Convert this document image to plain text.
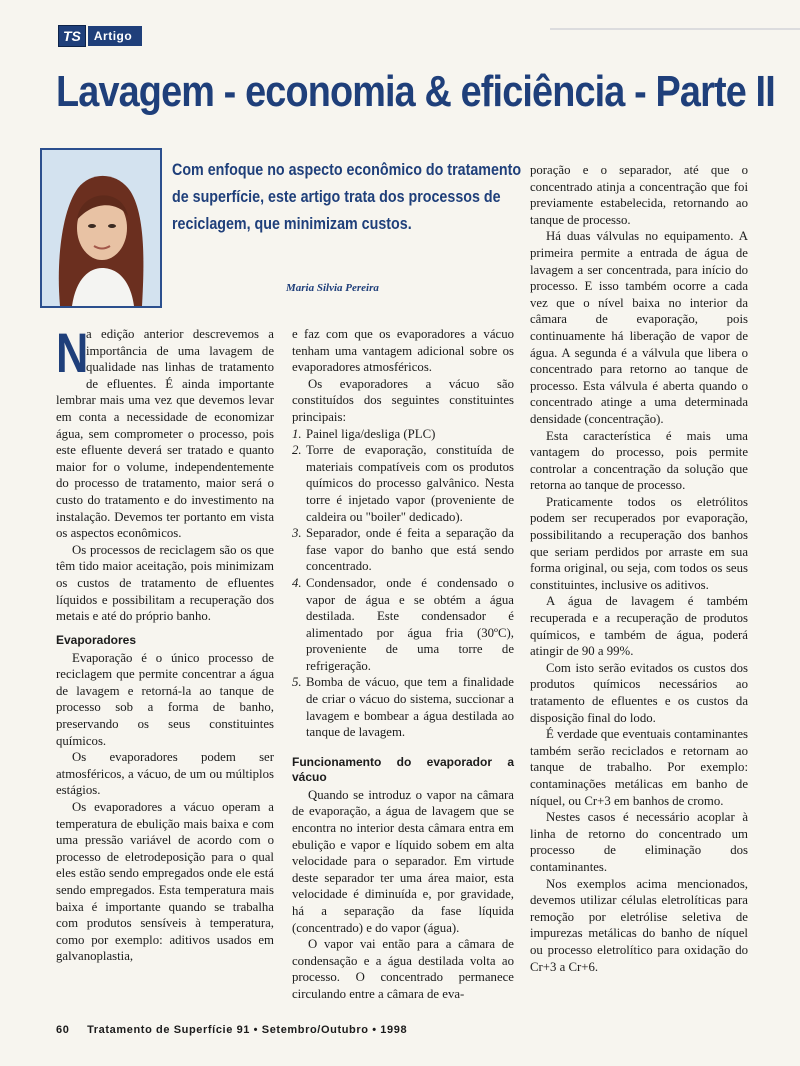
TS	Artigo
Lavagem - economia & eficiência - Parte II

Com enfoque no aspecto econômico do tratamento de superfície, este artigo trata dos processos de reciclagem, que minimizam custos.

Maria Silvia Pereira
N

a edição anterior descrevemos a importância de uma lavagem de qualidade nas linhas de tratamento de efluentes. É ainda importante lembrar mais uma vez que devemos levar em conta a necessidade de economizar água, sem comprometer o processo, pois este efluente deverá ser tratado e quanto maior for o volume, independentemente do processo de tratamento, maior será o custo do tratamento e do investimento na instalação. Devemos ter portanto em vista os aspectos econômicos.

Os processos de reciclagem são os que têm tido maior aceitação, pois minimizam os custos de tratamento de efluentes líquidos e possibilitam a recuperação dos metais e até do próprio banho.

Evaporadores

Evaporação é o único processo de reciclagem que permite concentrar a água de lavagem e retorná-la ao tanque de processo sob a forma de banho, preservando os seus constituintes químicos.

Os evaporadores podem ser atmosféricos, a vácuo, de um ou múltiplos estágios.

Os evaporadores a vácuo operam a temperatura de ebulição mais baixa e com uma pressão variável de acordo com o processo de eletrodeposição para o qual eles estão sendo empregados onde ele está sendo empregados. Esta temperatura mais baixa é importante quando se trabalha com produtos sensíveis à temperatura, como por exemplo: aditivos usados em galvanoplastia,

e faz com que os evaporadores a vácuo tenham uma vantagem adicional sobre os evaporadores atmosféricos.

Os evaporadores a vácuo são constituídos dos seguintes constituintes principais:

1. Painel liga/desliga (PLC)
2. Torre de evaporação, constituída de materiais compatíveis com os produtos químicos do processo galvânico. Nesta torre é injetado vapor (proveniente de caldeira ou "boiler" dedicado).
3. Separador, onde é feita a separação da fase vapor do banho que está sendo concentrado.
4. Condensador, onde é condensado o vapor de água e se obtém a água destilada. Este condensador é alimentado por água fria (30ºC), proveniente de uma torre de refrigeração.
5. Bomba de vácuo, que tem a finalidade de criar o vácuo do sistema, succionar a lavagem e bombear a água destilada ao tanque de lavagem.
Funcionamento do evaporador a vácuo

Quando se introduz o vapor na câmara de evaporação, a água de lavagem que se encontra no interior desta câmara entra em ebulição e vapor e líquido sobem em alta velocidade para o separador. Em virtude deste separador ter uma área maior, esta velocidade é diminuída e, por gravidade, há a separação da fase líquida (concentrado) e do vapor (água).

O vapor vai então para a câmara de condensação e a água destilada volta ao processo. O concentrado permanece circulando entre a câmara de eva-

poração e o separador, até que o concentrado atinja a concentração que foi previamente estabelecida, retornando ao tanque de processo.

Há duas válvulas no equipamento. A primeira permite a entrada de água de lavagem a ser concentrada, para início do processo. E isso também ocorre a cada vez que o nível baixa no interior da câmara de evaporação, pois continuamente há liberação de vapor de água. A segunda é a válvula que libera o concentrado para retorno ao tanque de processo. Esta válvula é aberta quando o concentrado atinge a uma determinada densidade (concentração).

Esta característica é mais uma vantagem do processo, pois permite controlar a concentração da solução que retorna ao tanque de processo.

Praticamente todos os eletrólitos podem ser recuperados por evaporação, possibilitando a recuperação dos banhos que seriam perdidos por arraste em sua forma original, ou seja, com todos os seus constituintes, inclusive os aditivos.

A água de lavagem é também recuperada e a recuperação de produtos químicos, e também de água, poderá atingir de 90 a 99%.

Com isto serão evitados os custos dos produtos químicos necessários ao tratamento de efluentes e os custos da disposição final do lodo.

É verdade que eventuais contaminantes também serão reciclados e retornam ao tanque de trabalho. Por exemplo: contaminações metálicas em banho de níquel, ou Cr+3 em banhos de cromo.

Nestes casos é necessário acoplar à linha de retorno do concentrado um processo de eliminação dos contaminantes.

Nos exemplos acima mencionados, devemos utilizar células eletrolíticas para remoção por eletrólise seletiva de impurezas metálicas do banho de níquel ou processo eletrolítico para oxidação do Cr+3 a Cr+6.

60 Tratamento de Superfície 91 • Setembro/Outubro • 1998
